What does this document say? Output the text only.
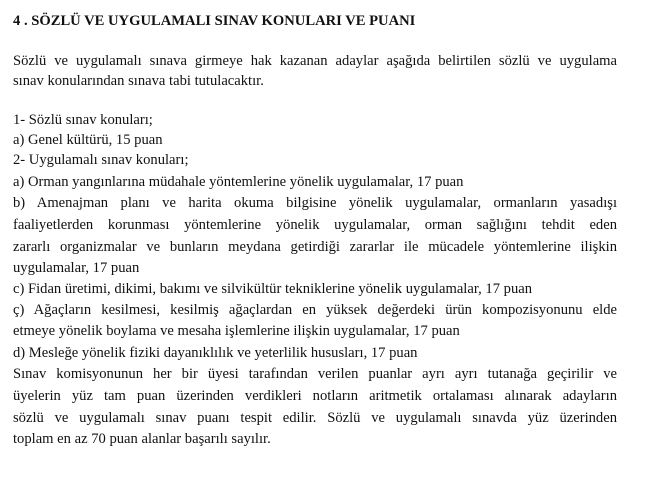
4 . SÖZLÜ VE UYGULAMALI SINAV KONULARI VE PUANI
Sözlü ve uygulamalı sınava girmeye hak kazanan adaylar aşağıda belirtilen sözlü ve uygulama
sınav konularından sınava tabi tutulacaktır.
1- Sözlü sınav konuları;
a) Genel kültürü, 15 puan
2- Uygulamalı sınav konuları;
a) Orman yangınlarına müdahale yöntemlerine yönelik uygulamalar, 17 puan
b) Amenajman planı ve harita okuma bilgisine yönelik uygulamalar, ormanların yasadışı
faaliyetlerden korunması yöntemlerine yönelik uygulamalar, orman sağlığını tehdit eden
zararlı organizmalar ve bunların meydana getirdiği zararlar ile mücadele yöntemlerine ilişkin
uygulamalar, 17 puan
c) Fidan üretimi, dikimi, bakımı ve silvikültür tekniklerine yönelik uygulamalar, 17 puan
ç) Ağaçların kesilmesi, kesilmiş ağaçlardan en yüksek değerdeki ürün kompozisyonunu elde
etmeye yönelik boylama ve mesaha işlemlerine ilişkin uygulamalar, 17 puan
d) Mesleğe yönelik fiziki dayanıklılık ve yeterlilik hususları, 17 puan
Sınav komisyonunun her bir üyesi tarafından verilen puanlar ayrı ayrı tutanağa geçirilir ve
üyelerin yüz tam puan üzerinden verdikleri notların aritmetik ortalaması alınarak adayların
sözlü ve uygulamalı sınav puanı tespit edilir. Sözlü ve uygulamalı sınavda yüz üzerinden
toplam en az 70 puan alanlar başarılı sayılır.
